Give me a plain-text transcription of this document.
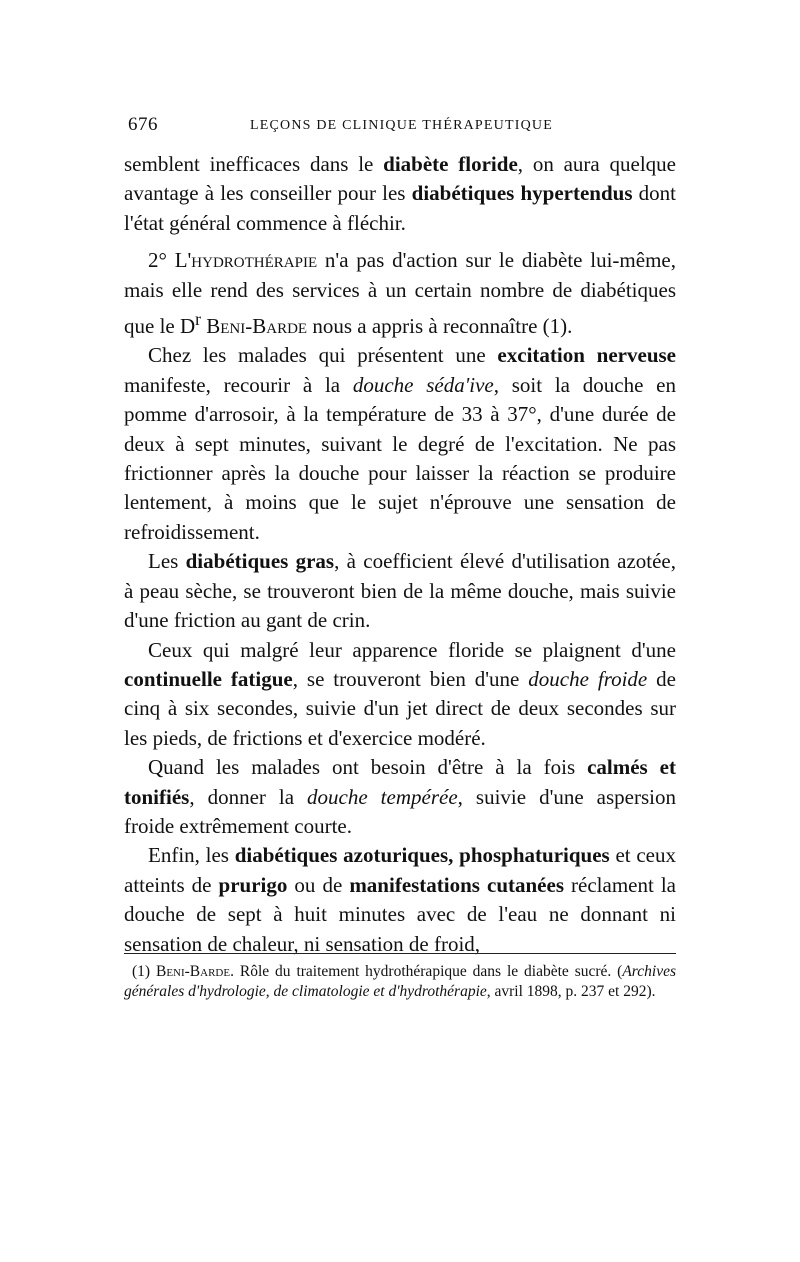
676	LEÇONS DE CLINIQUE THÉRAPEUTIQUE

semblent inefficaces dans le diabète floride, on aura quelque avantage à les conseiller pour les diabétiques hypertendus dont l'état général commence à fléchir.

2° L'hydrothérapie n'a pas d'action sur le diabète lui-même, mais elle rend des services à un certain nombre de diabétiques que le $D^r$ Beni-Barde nous a appris à reconnaître (1).

Chez les malades qui présentent une excitation nerveuse manifeste, recourir à la douche séda'ive, soit la douche en pomme d'arrosoir, à la température de 33 à 37°, d'une durée de deux à sept minutes, suivant le degré de l'excitation. Ne pas frictionner après la douche pour laisser la réaction se produire lentement, à moins que le sujet n'éprouve une sensation de refroidissement.

Les diabétiques gras, à coefficient élevé d'utilisation azotée, à peau sèche, se trouveront bien de la même douche, mais suivie d'une friction au gant de crin.

Ceux qui malgré leur apparence floride se plaignent d'une continuelle fatigue, se trouveront bien d'une douche froide de cinq à six secondes, suivie d'un jet direct de deux secondes sur les pieds, de frictions et d'exercice modéré.

Quand les malades ont besoin d'être à la fois calmés et tonifiés, donner la douche tempérée, suivie d'une aspersion froide extrêmement courte.

Enfin, les diabétiques azoturiques, phosphaturiques et ceux atteints de prurigo ou de manifestations cutanées réclament la douche de sept à huit minutes avec de l'eau ne donnant ni sensation de chaleur, ni sensation de froid,

(1) Beni-Barde. Rôle du traitement hydrothérapique dans le diabète sucré. (Archives générales d'hydrologie, de climatologie et d'hydrothérapie, avril 1898, p. 237 et 292).
